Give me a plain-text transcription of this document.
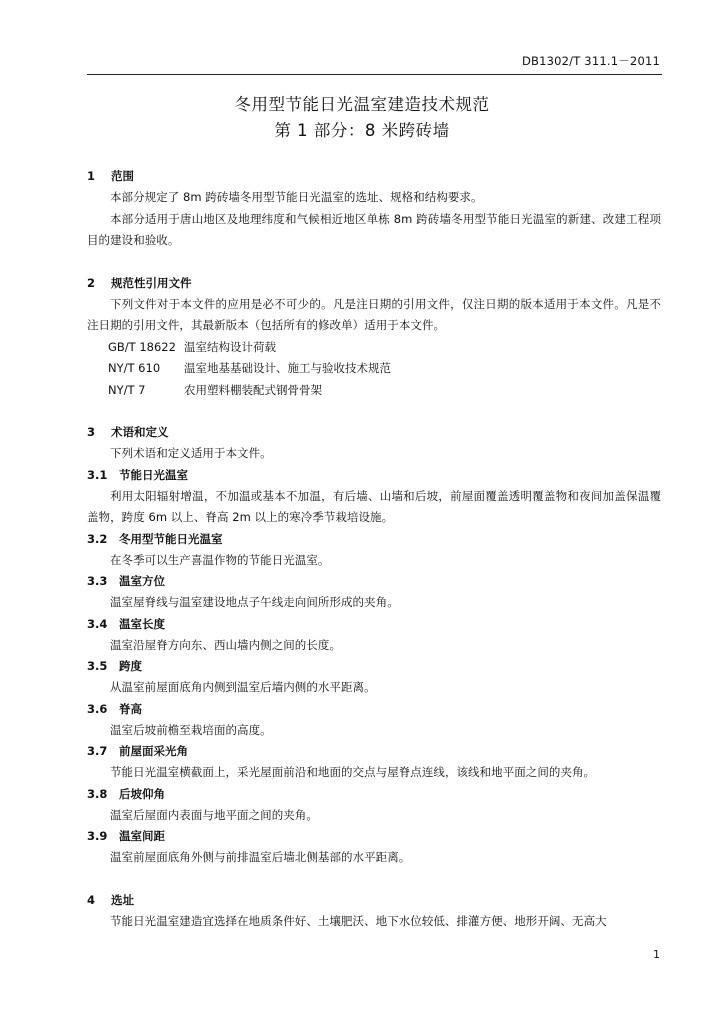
DB1302/T 311.1－2011
冬用型节能日光温室建造技术规范
第 1 部分：8 米跨砖墙
1 范围
本部分规定了 8m 跨砖墙冬用型节能日光温室的选址、规格和结构要求。
本部分适用于唐山地区及地理纬度和气候相近地区单栋 8m 跨砖墙冬用型节能日光温室的新建、改建工程项目的建设和验收。
2 规范性引用文件
下列文件对于本文件的应用是必不可少的。凡是注日期的引用文件，仅注日期的版本适用于本文件。凡是不注日期的引用文件，其最新版本（包括所有的修改单）适用于本文件。
GB/T 18622 温室结构设计荷载
NY/T 610 温室地基基础设计、施工与验收技术规范
NY/T 7	农用塑料棚装配式钢骨骨架
3 术语和定义
下列术语和定义适用于本文件。
3.1 节能日光温室
利用太阳辐射增温，不加温或基本不加温，有后墙、山墙和后坡，前屋面覆盖透明覆盖物和夜间加盖保温覆盖物，跨度 6m 以上、脊高 2m 以上的寒冷季节栽培设施。
3.2 冬用型节能日光温室
在冬季可以生产喜温作物的节能日光温室。
3.3 温室方位
温室屋脊线与温室建设地点子午线走向间所形成的夹角。
3.4 温室长度
温室沿屋脊方向东、西山墙内侧之间的长度。
3.5 跨度
从温室前屋面底角内侧到温室后墙内侧的水平距离。
3.6 脊高
温室后坡前檐至栽培面的高度。
3.7 前屋面采光角
节能日光温室横截面上，采光屋面前沿和地面的交点与屋脊点连线，该线和地平面之间的夹角。
3.8 后坡仰角
温室后屋面内表面与地平面之间的夹角。
3.9 温室间距
温室前屋面底角外侧与前排温室后墙北侧基部的水平距离。
4 选址
节能日光温室建造宜选择在地质条件好、土壤肥沃、地下水位较低、排灌方便、地形开阔、无高大
1
